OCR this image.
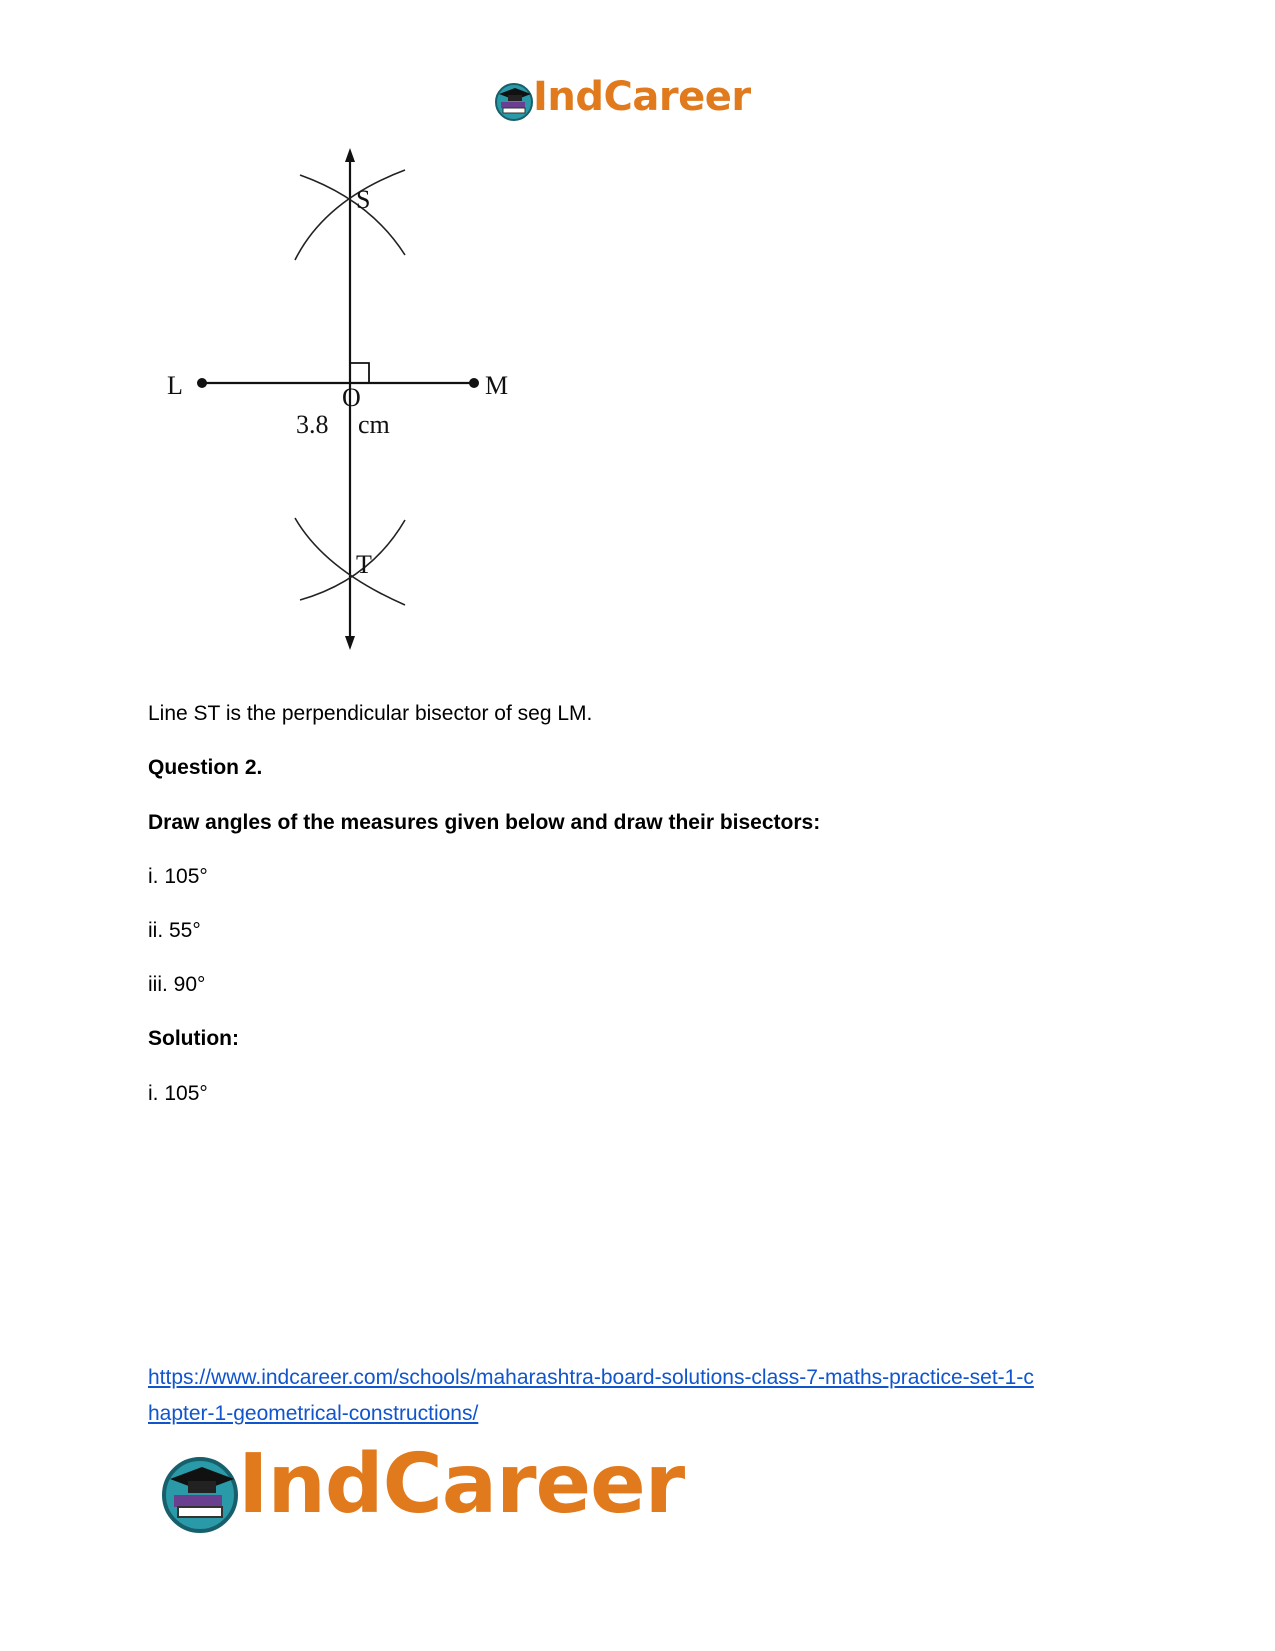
IndCareer
S
T
L	M
O
3.8 cm
Line ST is the perpendicular bisector of seg LM.
Question 2.
Draw angles of the measures given below and draw their bisectors:
i. 105°
ii. 55°
iii. 90°
Solution:
i. 105°
https://www.indcareer.com/schools/maharashtra-board-solutions-class-7-maths-practice-set-1-c
hapter-1-geometrical-constructions/
IndCareer
